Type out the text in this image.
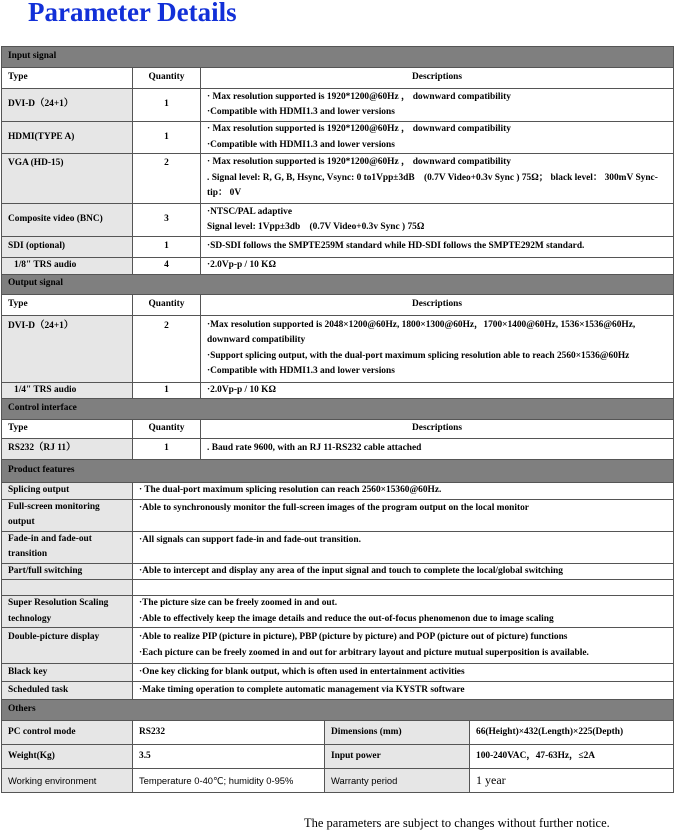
Parameter Details
Input signal				
Type	Quantity	Descriptions		
DVI-D（24+1）	1	· Max resolution supported is 1920*1200@60Hz ， downward compatibility

·Compatible with HDMI1.3 and lower versions		

HDMI(TYPE A)	1	· Max resolution supported is 1920*1200@60Hz ， downward compatibility

·Compatible with HDMI1.3 and lower versions		

VGA (HD-15)	2	· Max resolution supported is 1920*1200@60Hz ， downward compatibility

. Signal level: R, G, B, Hsync, Vsync: 0 to1Vpp±3dB　(0.7V Video+0.3v Sync ) 75Ω； black level： 300mV Sync-tip： 0V		

Composite video (BNC)	3	·NTSC/PAL adaptive

Signal level: 1Vpp±3db　(0.7V Video+0.3v Sync ) 75Ω		

SDI (optional)	1	·SD-SDI follows the SMPTE259M standard while HD-SDI follows the SMPTE292M standard.		
1/8" TRS audio	4	·2.0Vp-p / 10 KΩ		
Output signal				
Type	Quantity	Descriptions		
DVI-D（24+1）	2	·Max resolution supported is 2048×1200@60Hz, 1800×1300@60Hz，1700×1400@60Hz, 1536×1536@60Hz, downward compatibility

·Support splicing output, with the dual-port maximum splicing resolution able to reach 2560×1536@60Hz

·Compatible with HDMI1.3 and lower versions		

1/4" TRS audio	1	·2.0Vp-p / 10 KΩ		
Control interface				
Type	Quantity	Descriptions		
RS232（RJ 11）	1	. Baud rate 9600, with an RJ 11-RS232 cable attached		
Product features				
Splicing output	· The dual-port maximum splicing resolution can reach 2560×15360@60Hz.			
Full-screen monitoring output	·Able to synchronously monitor the full-screen images of the program output on the local monitor			
Fade-in and fade-out transition	·All signals can support fade-in and fade-out transition.			
Part/full switching	·Able to intercept and display any area of the input signal and touch to complete the local/global switching			

Super Resolution Scaling technology	·The picture size can be freely zoomed in and out.

·Able to effectively keep the image details and reduce the out-of-focus phenomenon due to image scaling			

Double-picture display	·Able to realize PIP (picture in picture), PBP (picture by picture) and POP (picture out of picture) functions

·Each picture can be freely zoomed in and out for arbitrary layout and picture mutual superposition is available.			

Black key	·One key clicking for blank output, which is often used in entertainment activities			
Scheduled task	·Make timing operation to complete automatic management via KYSTR software			
Others				
PC control mode	RS232		Dimensions (mm)	66(Height)×432(Length)×225(Depth)
Weight(Kg)	3.5		Input power	100-240VAC，47-63Hz，≤2A
Working environment	Temperature 0-40℃; humidity 0-95%		Warranty period	1 year
The parameters are subject to changes without further notice.
